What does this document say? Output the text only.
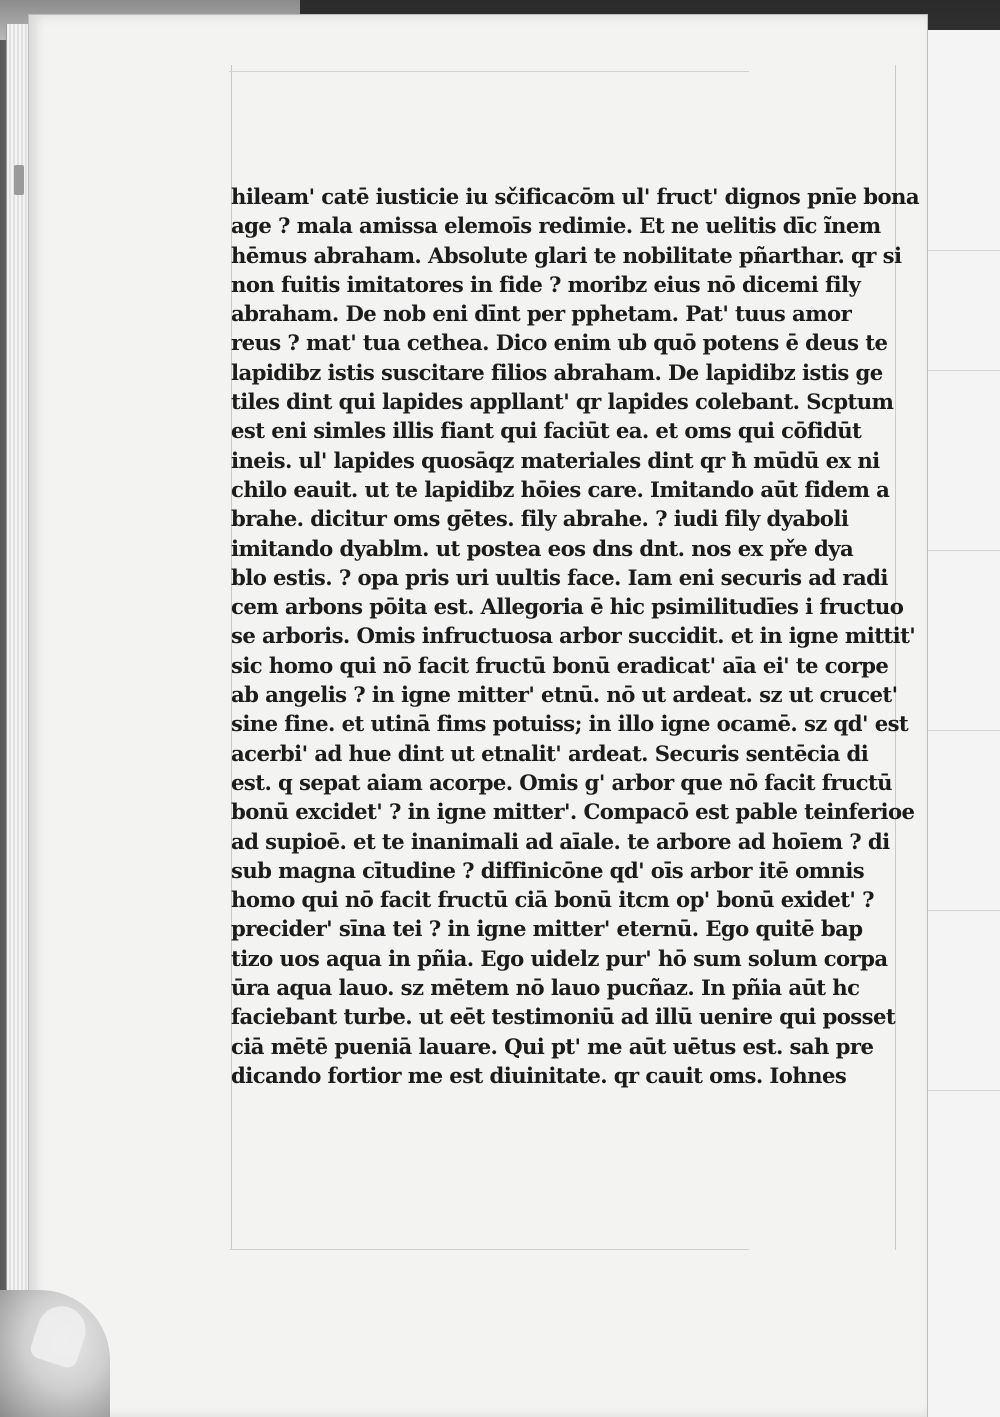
hileam' catē iusticie iu sčificacōm ul' fruct' dignos pnīe bona
age ? mala amissa elemoīs redimie. Et ne uelitis dīc ĩnem
hēmus abraham. Absolute glari te nobilitate pñarthar. qr si
non fuitis imitatores in fide ? moribz eius nō dicemi fily
abraham. De nob eni dīnt per pphetam. Pat' tuus amor
reus ? mat' tua cethea. Dico enim ub quō potens ē deus te
lapidibz istis suscitare filios abraham. De lapidibz istis ge
tiles dint qui lapides appllant' qr lapides colebant. Scptum
est eni simles illis fiant qui faciūt ea. et oms qui cōfidūt
ineis. ul' lapides quosāqz materiales dint qr ħ mūdū ex ni
chilo eauit. ut te lapidibz hōies care. Imitando aūt fidem a
brahe. dicitur oms gētes. fily abrahe. ? iudi fily dyaboli
imitando dyablm. ut postea eos dns dnt. nos ex pře dya
blo estis. ? opa pris uri uultis face. Iam eni securis ad radi
cem arbons pōita est. Allegoria ē hic psimilitudīes i fructuo
se arboris. Omis infructuosa arbor succidit. et in igne mittit'
sic homo qui nō facit fructū bonū eradicat' aīa ei' te corpe
ab angelis ? in igne mitter' etnū. nō ut ardeat. sz ut crucet'
sine fine. et utinā fims potuiss; in illo igne ocamē. sz qd' est
acerbi' ad hue dint ut etnalit' ardeat. Securis sentēcia di
est. q sepat aiam acorpe. Omis g' arbor que nō facit fructū
bonū excidet' ? in igne mitter'. Compacō est pable teinferioe
ad supioē. et te inanimali ad aīale. te arbore ad hoīem ? di
sub magna cītudine ? diffinicōne qd' oīs arbor itē omnis
homo qui nō facit fructū ciā bonū itcm op' bonū exidet' ?
precider' sīna tei ? in igne mitter' eternū. Ego quitē bap
tizo uos aqua in pñia. Ego uidelz pur' hō sum solum corpa
ūra aqua lauo. sz mētem nō lauo pucñaz. In pñia aūt hc
faciebant turbe. ut eēt testimoniū ad illū uenire qui posset
ciā mētē pueniā lauare. Qui pt' me aūt uētus est. sah pre
dicando fortior me est diuinitate. qr cauit oms. Iohnes
